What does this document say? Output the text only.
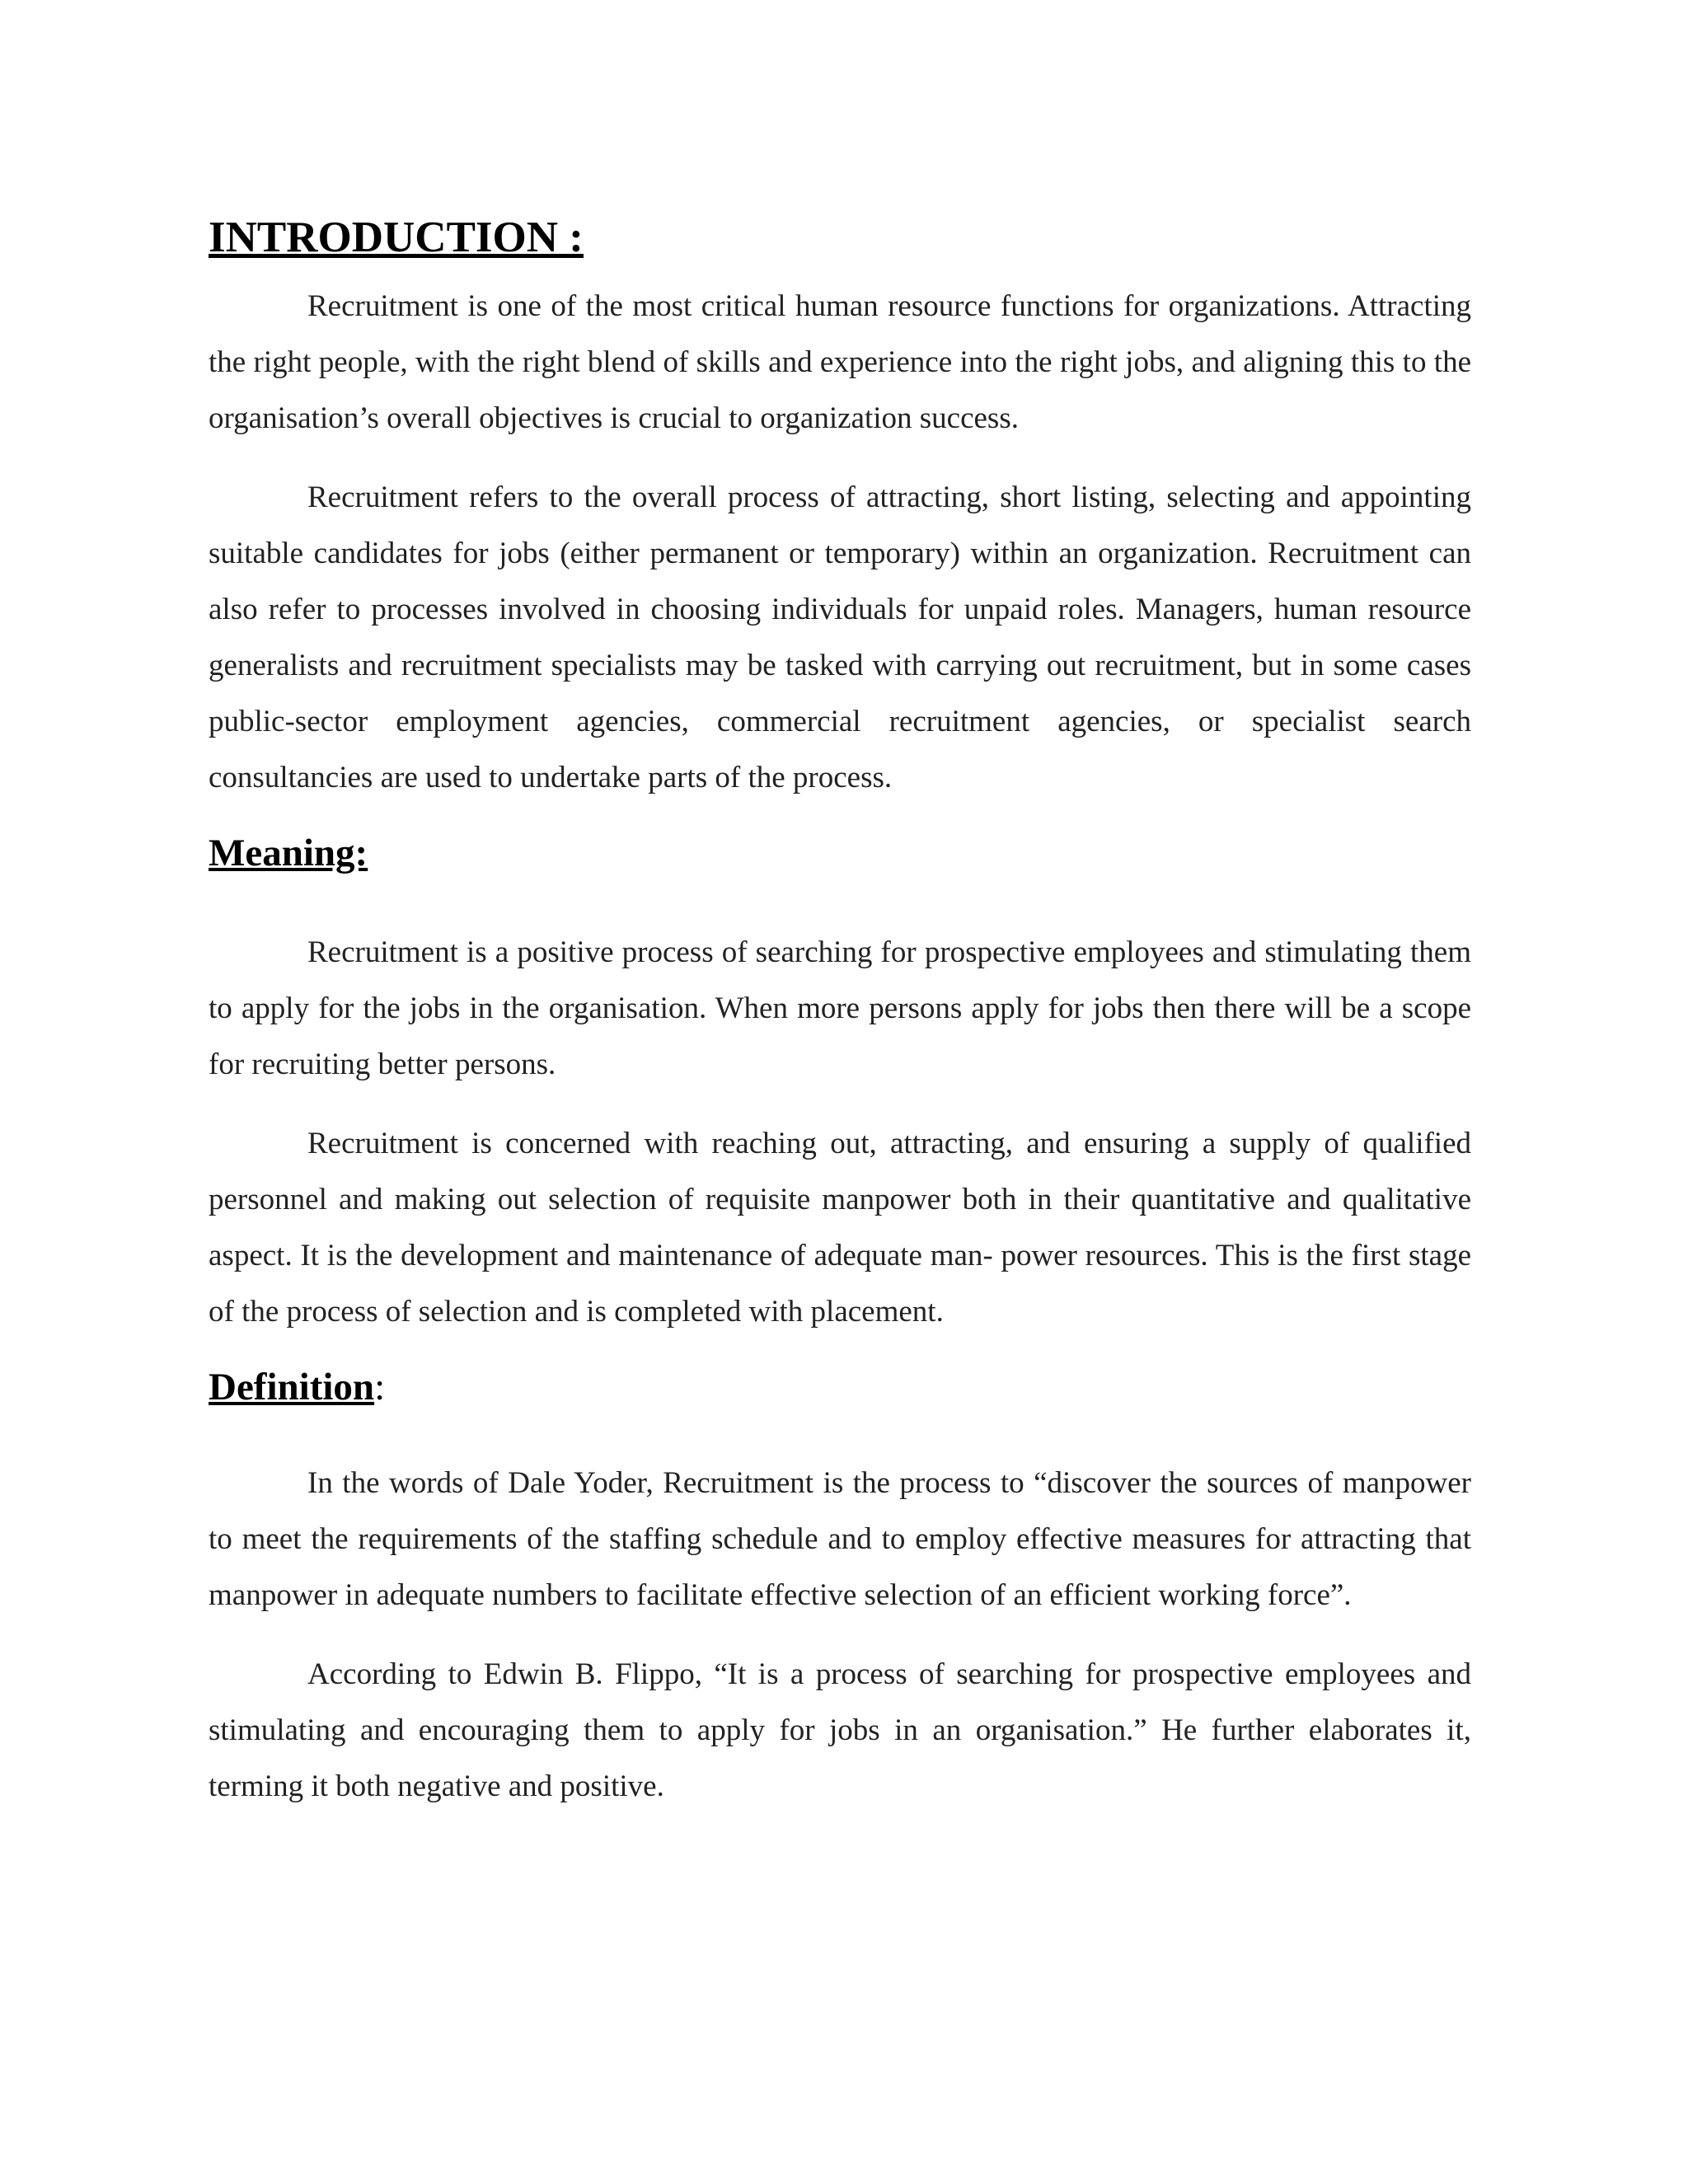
INTRODUCTION :

Recruitment is one of the most critical human resource functions for organizations. Attracting the right people, with the right blend of skills and experience into the right jobs, and aligning this to the organisation’s overall objectives is crucial to organization success.

Recruitment refers to the overall process of attracting, short listing, selecting and appointing suitable candidates for jobs (either permanent or temporary) within an organization. Recruitment can also refer to processes involved in choosing individuals for unpaid roles. Managers, human resource generalists and recruitment specialists may be tasked with carrying out recruitment, but in some cases public-sector employment agencies, commercial recruitment agencies, or specialist search consultancies are used to undertake parts of the process.

Meaning:

Recruitment is a positive process of searching for prospective employees and stimulating them to apply for the jobs in the organisation. When more persons apply for jobs then there will be a scope for recruiting better persons.

Recruitment is concerned with reaching out, attracting, and ensuring a supply of qualified personnel and making out selection of requisite manpower both in their quantitative and qualitative aspect. It is the development and maintenance of adequate man- power resources. This is the first stage of the process of selection and is completed with placement.

Definition:

In the words of Dale Yoder, Recruitment is the process to “discover the sources of manpower to meet the requirements of the staffing schedule and to employ effective measures for attracting that manpower in adequate numbers to facilitate effective selection of an efficient working force”.

According to Edwin B. Flippo, “It is a process of searching for prospective employees and stimulating and encouraging them to apply for jobs in an organisation.” He further elaborates it, terming it both negative and positive.
